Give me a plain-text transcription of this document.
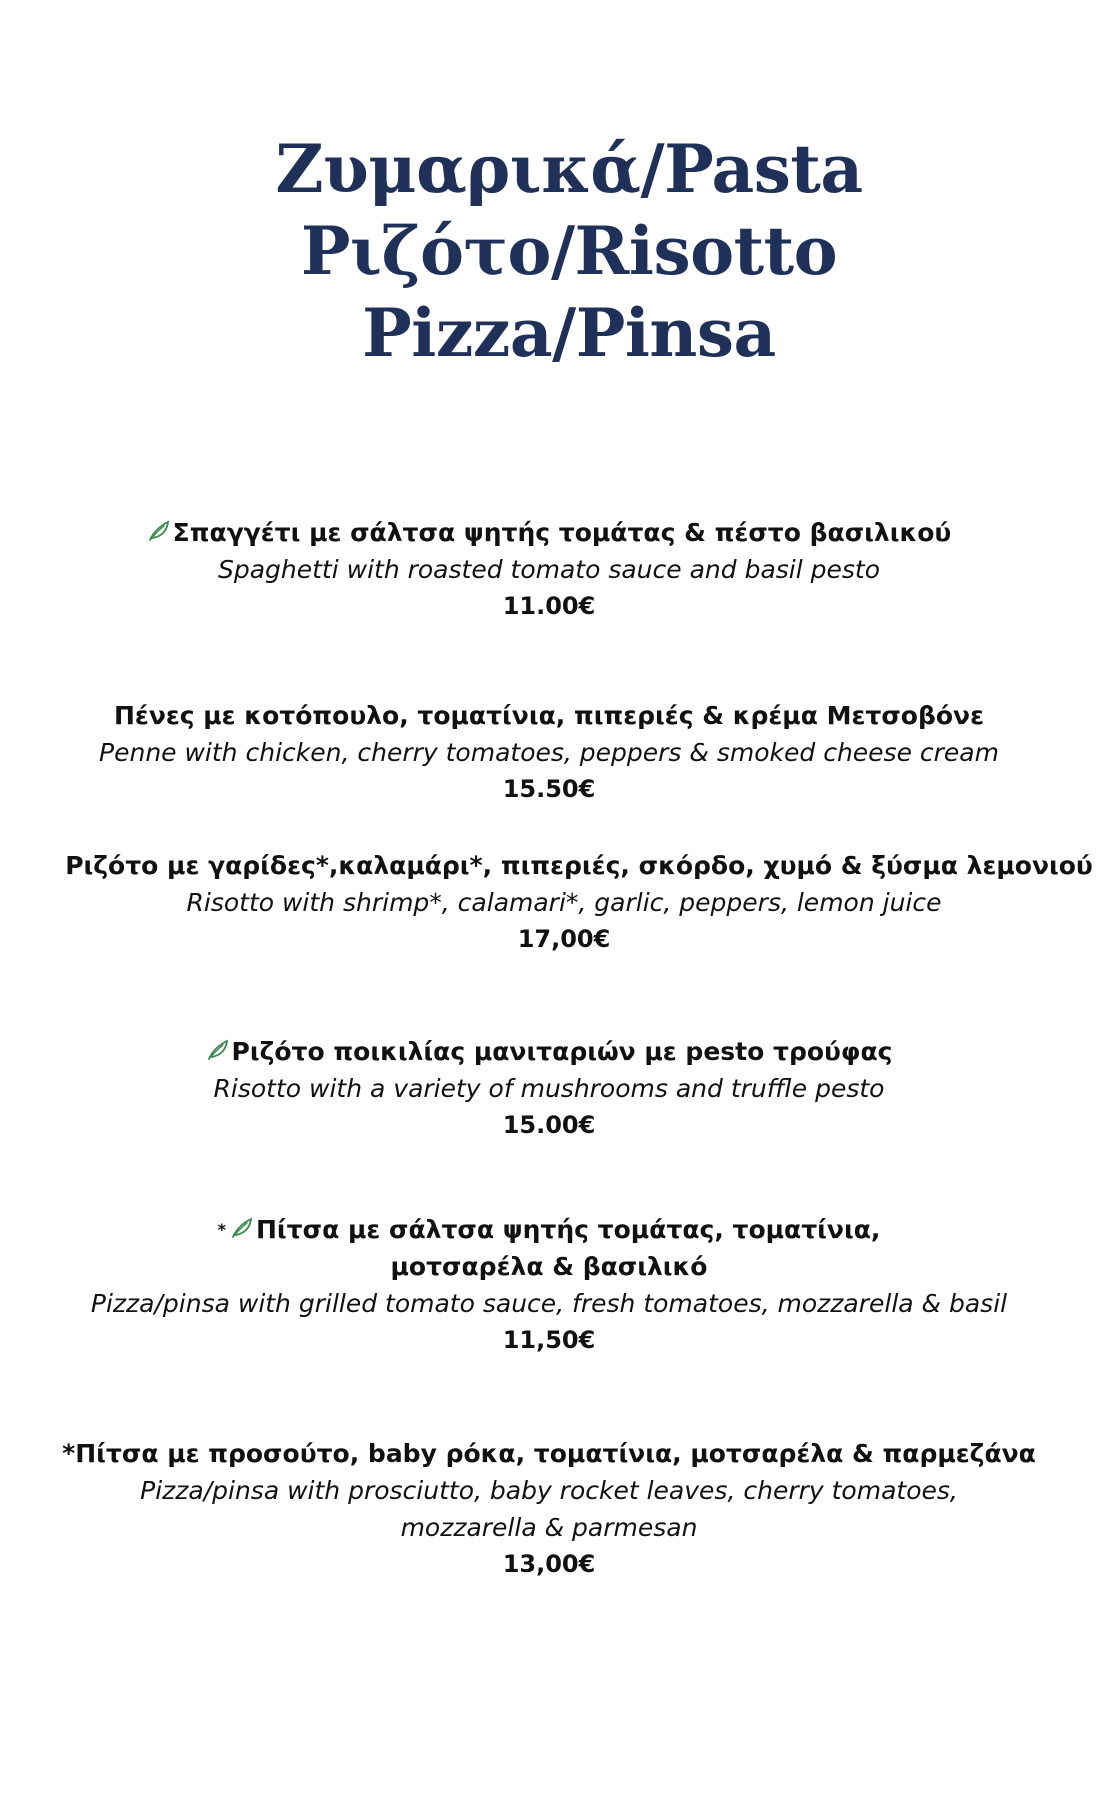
Ζυμαρικά/Pasta
Ριζότο/Risotto
Pizza/Pinsa
Σπαγγέτι με σάλτσα ψητής τομάτας & πέστο βασιλικού
Spaghetti with roasted tomato sauce and basil pesto
11.00€
Πένες με κοτόπουλο, τοματίνια, πιπεριές & κρέμα Μετσοβόνε
Penne with chicken, cherry tomatoes, peppers & smoked cheese cream
15.50€
Ριζότο με γαρίδες*,καλαμάρι*, πιπεριές, σκόρδο, χυμό & ξύσμα λεμονιού
Risotto with shrimp*, calamari*, garlic, peppers, lemon juice
17,00€
Ριζότο ποικιλίας μανιταριών με pesto τρούφας
Risotto with a variety of mushrooms and truffle pesto
15.00€
* Πίτσα με σάλτσα ψητής τομάτας, τοματίνια,
μοτσαρέλα & βασιλικό
Pizza/pinsa with grilled tomato sauce, fresh tomatoes, mozzarella & basil
11,50€
*Πίτσα με προσούτο, baby ρόκα, τοματίνια, μοτσαρέλα & παρμεζάνα
Pizza/pinsa with prosciutto, baby rocket leaves, cherry tomatoes,
mozzarella & parmesan
13,00€
